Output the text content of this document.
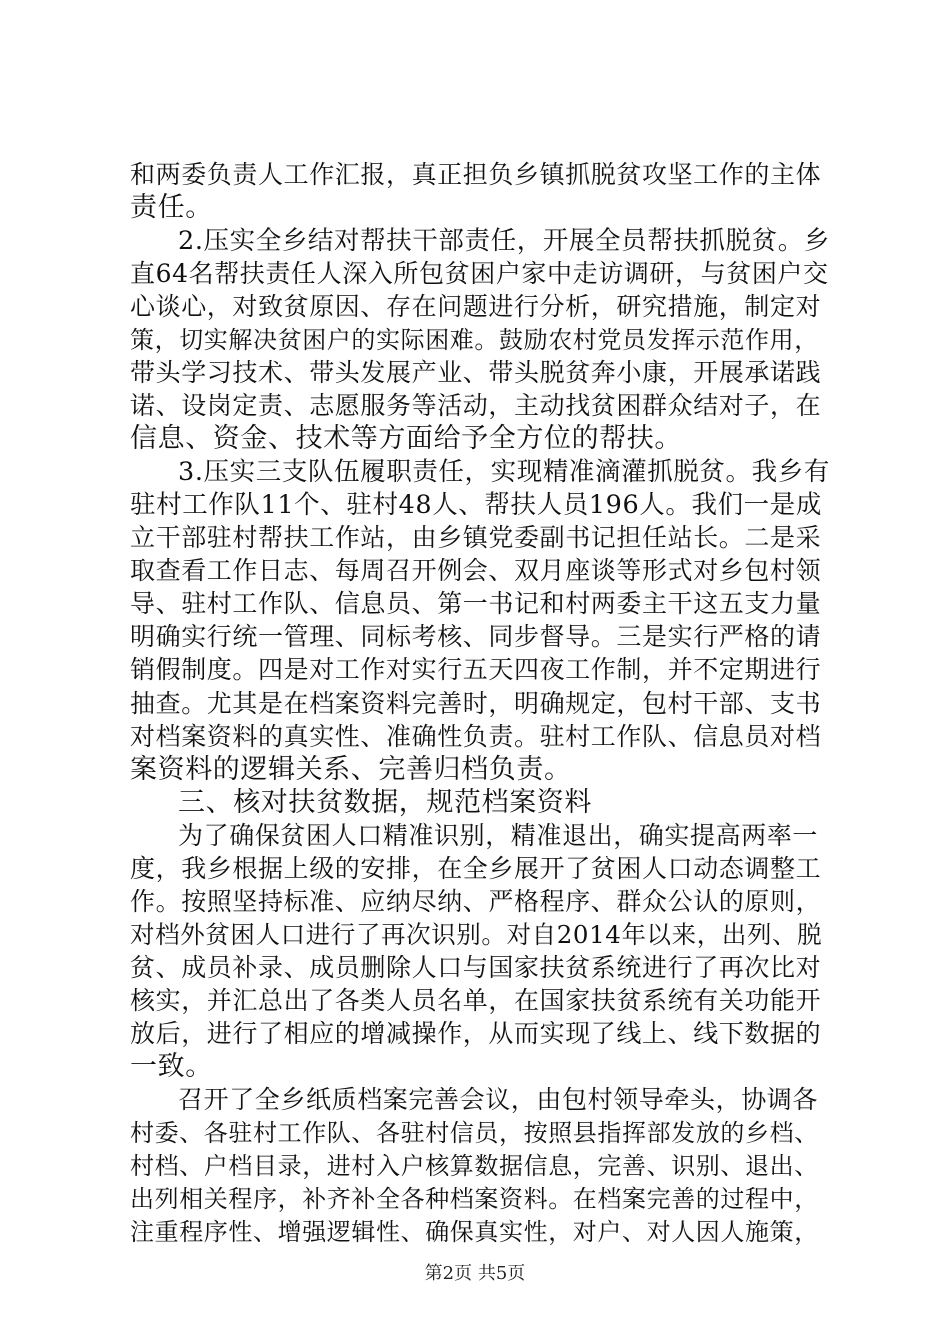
和两委负责人工作汇报，真正担负乡镇抓脱贫攻坚工作的主体
责任。
2.压实全乡结对帮扶干部责任，开展全员帮扶抓脱贫。乡
直64名帮扶责任人深入所包贫困户家中走访调研，与贫困户交
心谈心，对致贫原因、存在问题进行分析，研究措施，制定对
策，切实解决贫困户的实际困难。鼓励农村党员发挥示范作用，
带头学习技术、带头发展产业、带头脱贫奔小康，开展承诺践
诺、设岗定责、志愿服务等活动，主动找贫困群众结对子，在
信息、资金、技术等方面给予全方位的帮扶。
3.压实三支队伍履职责任，实现精准滴灌抓脱贫。我乡有
驻村工作队11个、驻村48人、帮扶人员196人。我们一是成
立干部驻村帮扶工作站，由乡镇党委副书记担任站长。二是采
取查看工作日志、每周召开例会、双月座谈等形式对乡包村领
导、驻村工作队、信息员、第一书记和村两委主干这五支力量
明确实行统一管理、同标考核、同步督导。三是实行严格的请
销假制度。四是对工作对实行五天四夜工作制，并不定期进行
抽查。尤其是在档案资料完善时，明确规定，包村干部、支书
对档案资料的真实性、准确性负责。驻村工作队、信息员对档
案资料的逻辑关系、完善归档负责。
三、核对扶贫数据，规范档案资料
为了确保贫困人口精准识别，精准退出，确实提高两率一
度，我乡根据上级的安排，在全乡展开了贫困人口动态调整工
作。按照坚持标准、应纳尽纳、严格程序、群众公认的原则，
对档外贫困人口进行了再次识别。对自2014年以来，出列、脱
贫、成员补录、成员删除人口与国家扶贫系统进行了再次比对
核实，并汇总出了各类人员名单，在国家扶贫系统有关功能开
放后，进行了相应的增减操作，从而实现了线上、线下数据的
一致。
召开了全乡纸质档案完善会议，由包村领导牵头，协调各
村委、各驻村工作队、各驻村信员，按照县指挥部发放的乡档、
村档、户档目录，进村入户核算数据信息，完善、识别、退出、
出列相关程序，补齐补全各种档案资料。在档案完善的过程中，
注重程序性、增强逻辑性、确保真实性，对户、对人因人施策，
第2页 共5页
